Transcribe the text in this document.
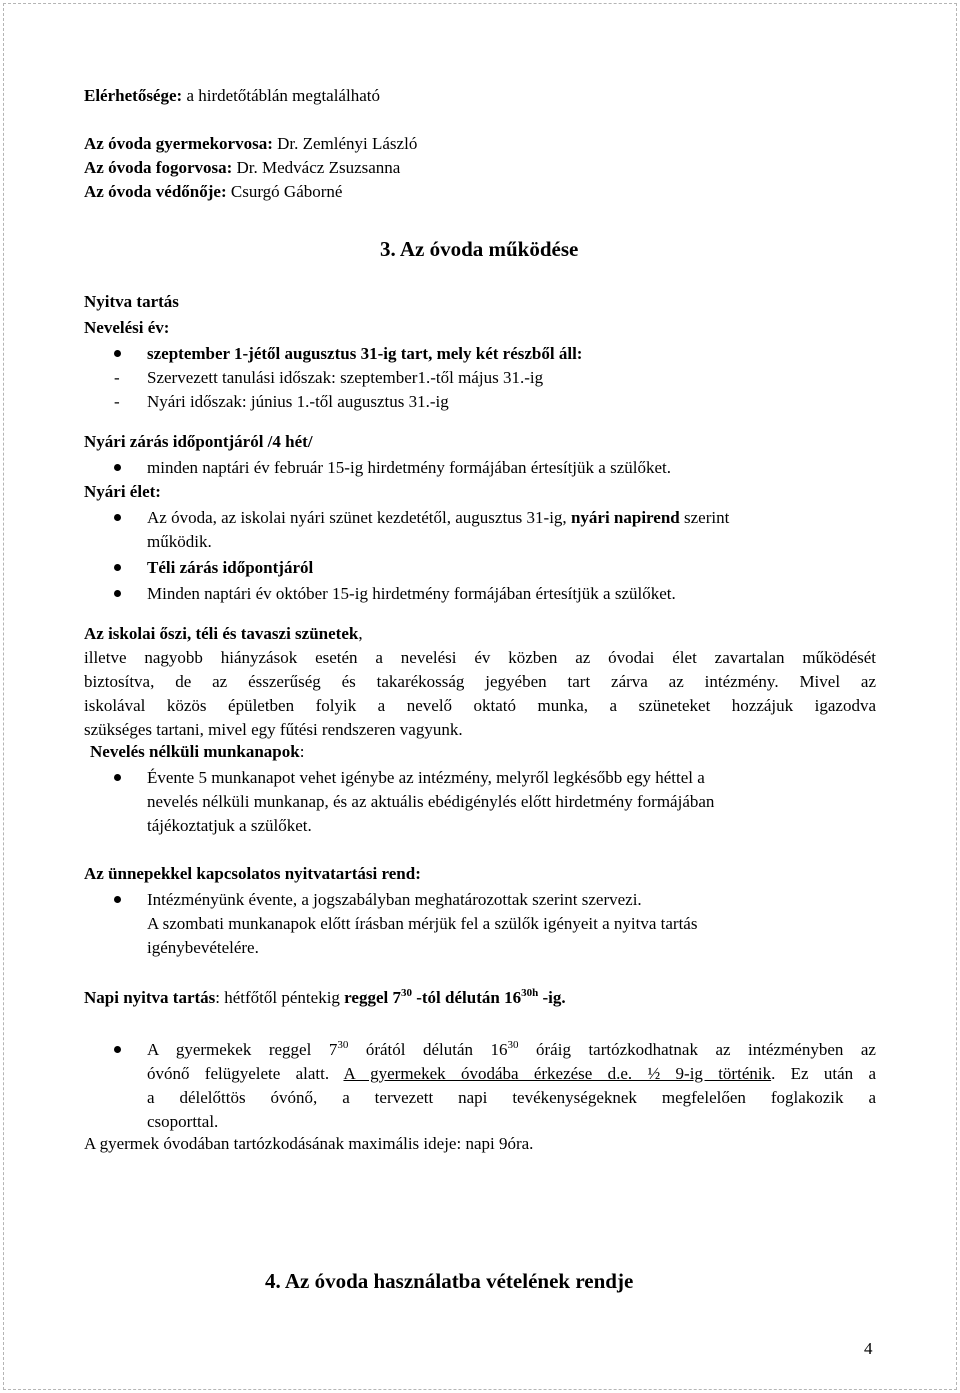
Elérhetősége: a hirdetőtáblán megtalálható
Az óvoda gyermekorvosa: Dr. Zemlényi László
Az óvoda fogorvosa: Dr. Medvácz Zsuzsanna
Az óvoda védőnője: Csurgó Gáborné
3. Az óvoda működése
Nyitva tartás
Nevelési év:
szeptember 1-jétől augusztus 31-ig tart, mely két részből áll:
- Szervezett tanulási időszak: szeptember1.-től május 31.-ig
- Nyári időszak: június 1.-től augusztus 31.-ig
Nyári zárás időpontjáról /4 hét/
minden naptári év február 15-ig hirdetmény formájában értesítjük a szülőket.
Nyári élet:
Az óvoda, az iskolai nyári szünet kezdetétől, augusztus 31-ig, nyári napirend szerint
működik.
Téli zárás időpontjáról
Minden naptári év október 15-ig hirdetmény formájában értesítjük a szülőket.
Az iskolai őszi, téli és tavaszi szünetek,
illetve nagyobb hiányzások esetén a nevelési év közben az óvodai élet zavartalan működését
biztosítva, de az ésszerűség és takarékosság jegyében tart zárva az intézmény. Mivel az
iskolával közös épületben folyik a nevelő oktató munka, a szüneteket hozzájuk igazodva
szükséges tartani, mivel egy fűtési rendszeren vagyunk.
Nevelés nélküli munkanapok:
Évente 5 munkanapot vehet igénybe az intézmény, melyről legkésőbb egy héttel a
nevelés nélküli munkanap, és az aktuális ebédigénylés előtt hirdetmény formájában
tájékoztatjuk a szülőket.
Az ünnepekkel kapcsolatos nyitvatartási rend:
Intézményünk évente, a jogszabályban meghatározottak szerint szervezi.
A szombati munkanapok előtt írásban mérjük fel a szülők igényeit a nyitva tartás
igénybevételére.
Napi nyitva tartás: hétfőtől péntekig reggel $7^{30}$ -tól délután $16^{30h}$ -ig.
A gyermekek reggel $7^{30}$ órától délután $16^{30}$ óráig tartózkodhatnak az intézményben az
óvónő felügyelete alatt. A gyermekek óvodába érkezése d.e. ½ 9-ig történik. Ez után a
a délelőttös óvónő, a tervezett napi tevékenységeknek megfelelően foglakozik a
csoporttal.
A gyermek óvodában tartózkodásának maximális ideje: napi 9óra.
4. Az óvoda használatba vételének rendje
4
